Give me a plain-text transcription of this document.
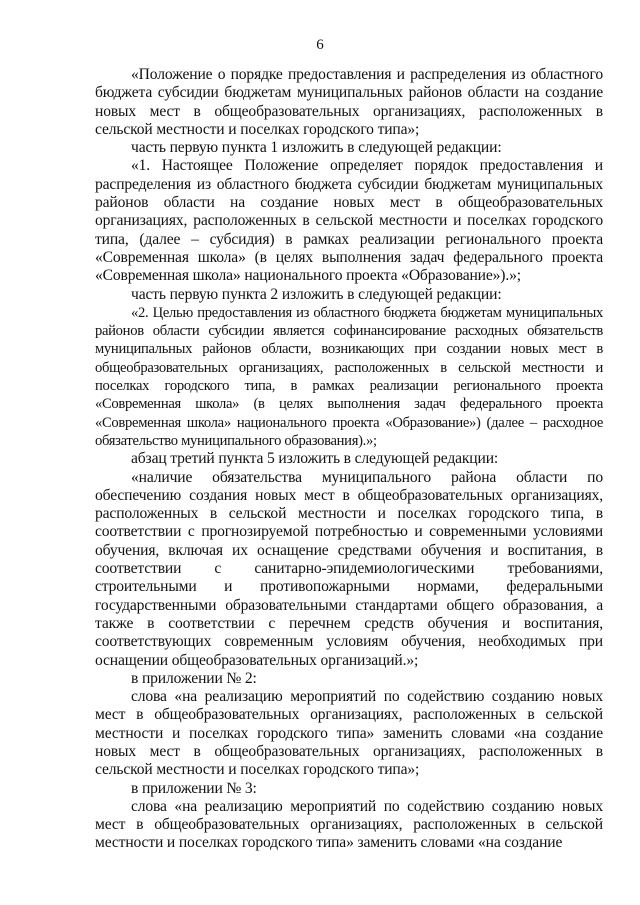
6

«Положение о порядке предоставления и распределения из областного бюджета субсидии бюджетам муниципальных районов области на создание новых мест в общеобразовательных организациях, расположенных в сельской местности и поселках городского типа»;

часть первую пункта 1 изложить в следующей редакции:

«1. Настоящее Положение определяет порядок предоставления и распределения из областного бюджета субсидии бюджетам муниципальных районов области на создание новых мест в общеобразовательных организациях, расположенных в сельской местности и поселках городского типа, (далее – субсидия) в рамках реализации регионального проекта «Современная школа» (в целях выполнения задач федерального проекта «Современная школа» национального проекта «Образование»).»;

часть первую пункта 2 изложить в следующей редакции:

«2. Целью предоставления из областного бюджета бюджетам муниципальных районов области субсидии является софинансирование расходных обязательств муниципальных районов области, возникающих при создании новых мест в общеобразовательных организациях, расположенных в сельской местности и поселках городского типа, в рамках реализации регионального проекта «Современная школа» (в целях выполнения задач федерального проекта «Современная школа» национального проекта «Образование») (далее – расходное обязательство муниципального образования).»;

абзац третий пункта 5 изложить в следующей редакции:

«наличие обязательства муниципального района области по обеспечению создания новых мест в общеобразовательных организациях, расположенных в сельской местности и поселках городского типа, в соответствии с прогнозируемой потребностью и современными условиями обучения, включая их оснащение средствами обучения и воспитания, в соответствии с санитарно-эпидемиологическими требованиями, строительными и противопожарными нормами, федеральными государственными образовательными стандартами общего образования, а также в соответствии с перечнем средств обучения и воспитания, соответствующих современным условиям обучения, необходимых при оснащении общеобразовательных организаций.»;

в приложении № 2:

слова «на реализацию мероприятий по содействию созданию новых мест в общеобразовательных организациях, расположенных в сельской местности и поселках городского типа» заменить словами «на создание новых мест в общеобразовательных организациях, расположенных в сельской местности и поселках городского типа»;

в приложении № 3:

слова «на реализацию мероприятий по содействию созданию новых мест в общеобразовательных организациях, расположенных в сельской местности и поселках городского типа» заменить словами «на создание
